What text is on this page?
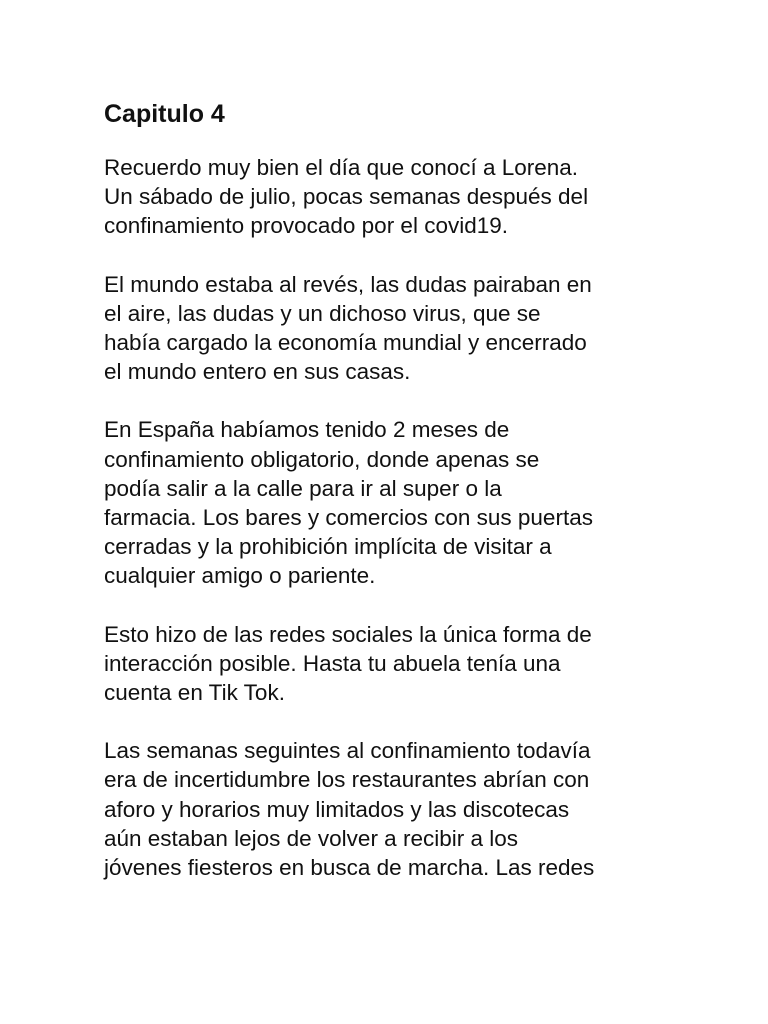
Capitulo 4

Recuerdo muy bien el día que conocí a Lorena.
Un sábado de julio, pocas semanas después del
confinamiento provocado por el covid19.

El mundo estaba al revés, las dudas pairaban en
el aire, las dudas y un dichoso virus, que se
había cargado la economía mundial y encerrado
el mundo entero en sus casas.

En España habíamos tenido 2 meses de
confinamiento obligatorio, donde apenas se
podía salir a la calle para ir al super o la
farmacia. Los bares y comercios con sus puertas
cerradas y la prohibición implícita de visitar a
cualquier amigo o pariente.

Esto hizo de las redes sociales la única forma de
interacción posible. Hasta tu abuela tenía una
cuenta en Tik Tok.

Las semanas seguintes al confinamiento todavía
era de incertidumbre los restaurantes abrían con
aforo y horarios muy limitados y las discotecas
aún estaban lejos de volver a recibir a los
jóvenes fiesteros en busca de marcha. Las redes
